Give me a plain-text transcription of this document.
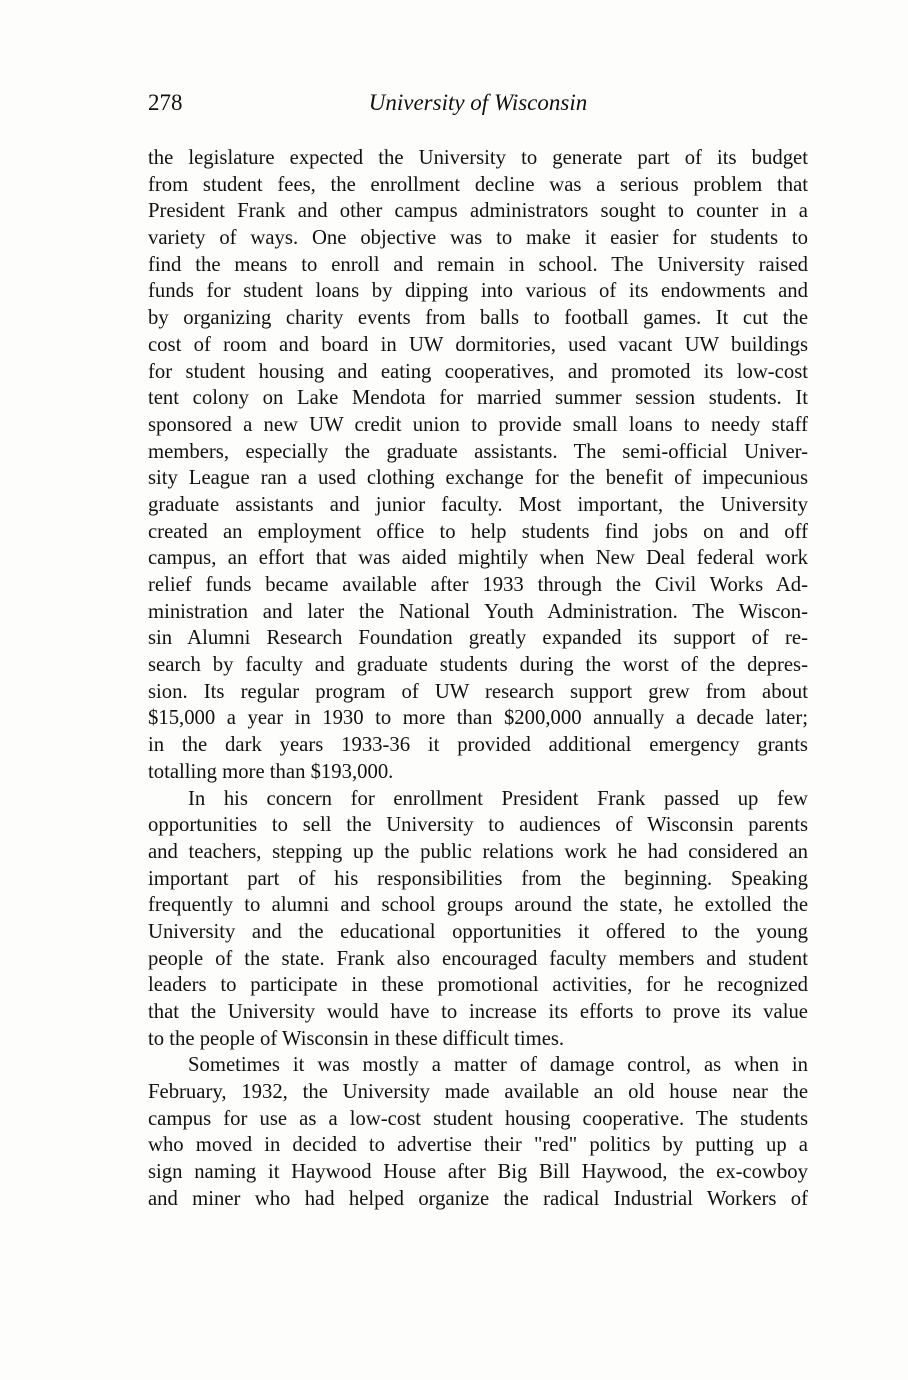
278	University of Wisconsin
the legislature expected the University to generate part of its budget
from student fees, the enrollment decline was a serious problem that
President Frank and other campus administrators sought to counter in a
variety of ways. One objective was to make it easier for students to
find the means to enroll and remain in school. The University raised
funds for student loans by dipping into various of its endowments and
by organizing charity events from balls to football games. It cut the
cost of room and board in UW dormitories, used vacant UW buildings
for student housing and eating cooperatives, and promoted its low-cost
tent colony on Lake Mendota for married summer session students. It
sponsored a new UW credit union to provide small loans to needy staff
members, especially the graduate assistants. The semi-official Univer-
sity League ran a used clothing exchange for the benefit of impecunious
graduate assistants and junior faculty. Most important, the University
created an employment office to help students find jobs on and off
campus, an effort that was aided mightily when New Deal federal work
relief funds became available after 1933 through the Civil Works Ad-
ministration and later the National Youth Administration. The Wiscon-
sin Alumni Research Foundation greatly expanded its support of re-
search by faculty and graduate students during the worst of the depres-
sion. Its regular program of UW research support grew from about
$15,000 a year in 1930 to more than $200,000 annually a decade later;
in the dark years 1933-36 it provided additional emergency grants
totalling more than $193,000.
In his concern for enrollment President Frank passed up few
opportunities to sell the University to audiences of Wisconsin parents
and teachers, stepping up the public relations work he had considered an
important part of his responsibilities from the beginning. Speaking
frequently to alumni and school groups around the state, he extolled the
University and the educational opportunities it offered to the young
people of the state. Frank also encouraged faculty members and student
leaders to participate in these promotional activities, for he recognized
that the University would have to increase its efforts to prove its value
to the people of Wisconsin in these difficult times.
Sometimes it was mostly a matter of damage control, as when in
February, 1932, the University made available an old house near the
campus for use as a low-cost student housing cooperative. The students
who moved in decided to advertise their "red" politics by putting up a
sign naming it Haywood House after Big Bill Haywood, the ex-cowboy
and miner who had helped organize the radical Industrial Workers of
